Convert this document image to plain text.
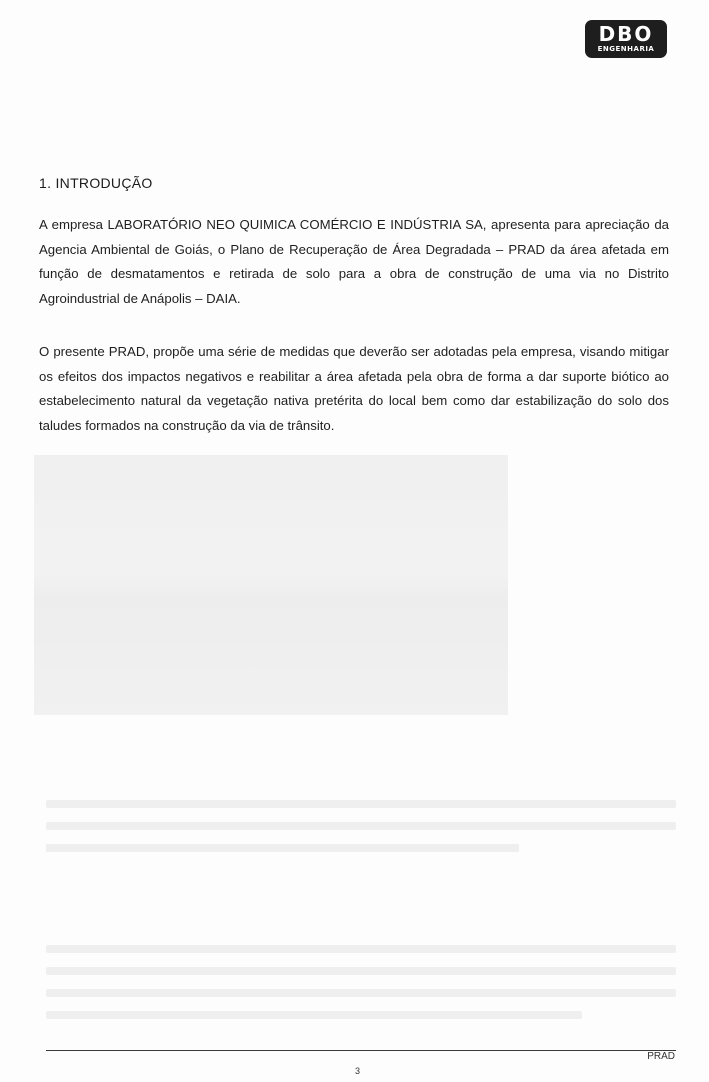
DBO
ENGENHARIA
1. INTRODUÇÃO

A empresa LABORATÓRIO NEO QUIMICA COMÉRCIO E INDÚSTRIA SA, apresenta para apreciação da Agencia Ambiental de Goiás, o Plano de Recuperação de Área Degradada – PRAD da área afetada em função de desmatamentos e retirada de solo para a obra de construção de uma via no Distrito Agroindustrial de Anápolis – DAIA.

O presente PRAD, propõe uma série de medidas que deverão ser adotadas pela empresa, visando mitigar os efeitos dos impactos negativos e reabilitar a área afetada pela obra de forma a dar suporte biótico ao estabelecimento natural da vegetação nativa pretérita do local bem como dar estabilização do solo dos taludes formados na construção da via de trânsito.

PRAD
3
